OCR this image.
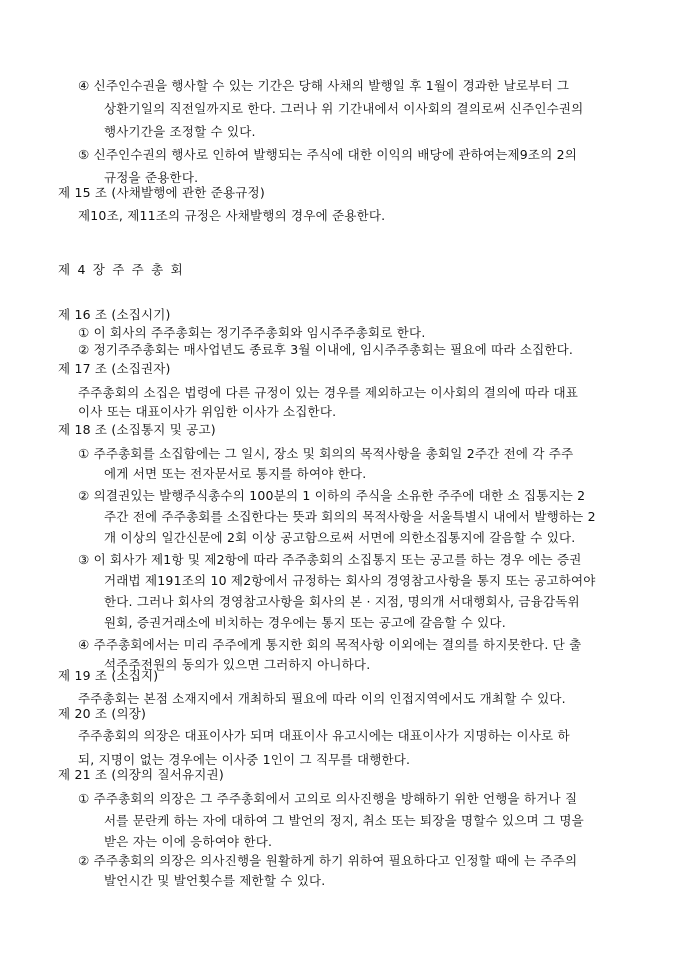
④ 신주인수권을 행사할 수 있는 기간은 당해 사채의 발행일 후 1월이 경과한 날로부터 그
상환기일의 직전일까지로 한다. 그러나 위 기간내에서 이사회의 결의로써 신주인수권의
행사기간을 조정할 수 있다.
⑤ 신주인수권의 행사로 인하여 발행되는 주식에 대한 이익의 배당에 관하여는제9조의 2의
규정을 준용한다.
제 15 조 (사채발행에 관한 준용규정)
제10조, 제11조의 규정은 사채발행의 경우에 준용한다.
제 4 장 주 주 총 회
제 16 조 (소집시기)
① 이 회사의 주주총회는 정기주주총회와 임시주주총회로 한다.
② 정기주주총회는 매사업년도 종료후 3월 이내에, 임시주주총회는 필요에 따라 소집한다.
제 17 조 (소집권자)
주주총회의 소집은 법령에 다른 규정이 있는 경우를 제외하고는 이사회의 결의에 따라 대표
이사 또는 대표이사가 위임한 이사가 소집한다.
제 18 조 (소집통지 및 공고)
① 주주총회를 소집함에는 그 일시, 장소 및 회의의 목적사항을 총회일 2주간 전에 각 주주
에게 서면 또는 전자문서로 통지를 하여야 한다.
② 의결권있는 발행주식총수의 100분의 1 이하의 주식을 소유한 주주에 대한 소 집통지는 2
주간 전에 주주총회를 소집한다는 뜻과 회의의 목적사항을 서울특별시 내에서 발행하는 2
개 이상의 일간신문에 2회 이상 공고함으로써 서면에 의한소집통지에 갈음할 수 있다.
③ 이 회사가 제1항 및 제2항에 따라 주주총회의 소집통지 또는 공고를 하는 경우 에는 증권
거래법 제191조의 10 제2항에서 규정하는 회사의 경영참고사항을 통지 또는 공고하여야
한다. 그러나 회사의 경영참고사항을 회사의 본 · 지점, 명의개 서대행회사, 금융감독위
원회, 증권거래소에 비치하는 경우에는 통지 또는 공고에 갈음할 수 있다.
④ 주주총회에서는 미리 주주에게 통지한 회의 목적사항 이외에는 결의를 하지못한다. 단 출
석주주전원의 동의가 있으면 그러하지 아니하다.
제 19 조 (소집지)
주주총회는 본점 소재지에서 개최하되 필요에 따라 이의 인접지역에서도 개최할 수 있다.
제 20 조 (의장)
주주총회의 의장은 대표이사가 되며 대표이사 유고시에는 대표이사가 지명하는 이사로 하
되, 지명이 없는 경우에는 이사중 1인이 그 직무를 대행한다.
제 21 조 (의장의 질서유지권)
① 주주총회의 의장은 그 주주총회에서 고의로 의사진행을 방해하기 위한 언행을 하거나 질
서를 문란케 하는 자에 대하여 그 발언의 정지, 취소 또는 퇴장을 명할수 있으며 그 명을
받은 자는 이에 응하여야 한다.
② 주주총회의 의장은 의사진행을 원활하게 하기 위하여 필요하다고 인정할 때에 는 주주의
발언시간 및 발언횟수를 제한할 수 있다.
